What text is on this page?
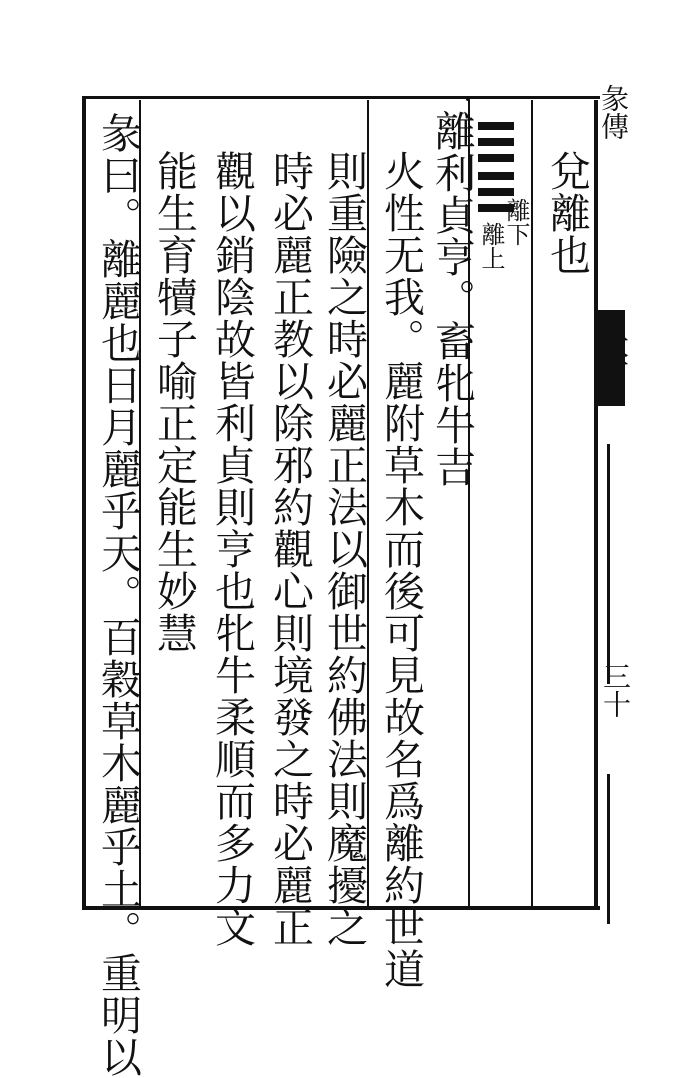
兌離也
離下
離上
離利貞亨。畜牝牛吉
火性无我。麗附草木而後可見故名爲離約世道
則重險之時必麗正法以御世約佛法則魔擾之
時必麗正教以除邪約觀心則境發之時必麗正
觀以銷陰故皆利貞則亨也牝牛柔順而多力文
能生育犢子喻正定能生妙慧
彖曰。離麗也日月麗乎天。百穀草木麗乎土。重明以	彖傳
大有
三十
